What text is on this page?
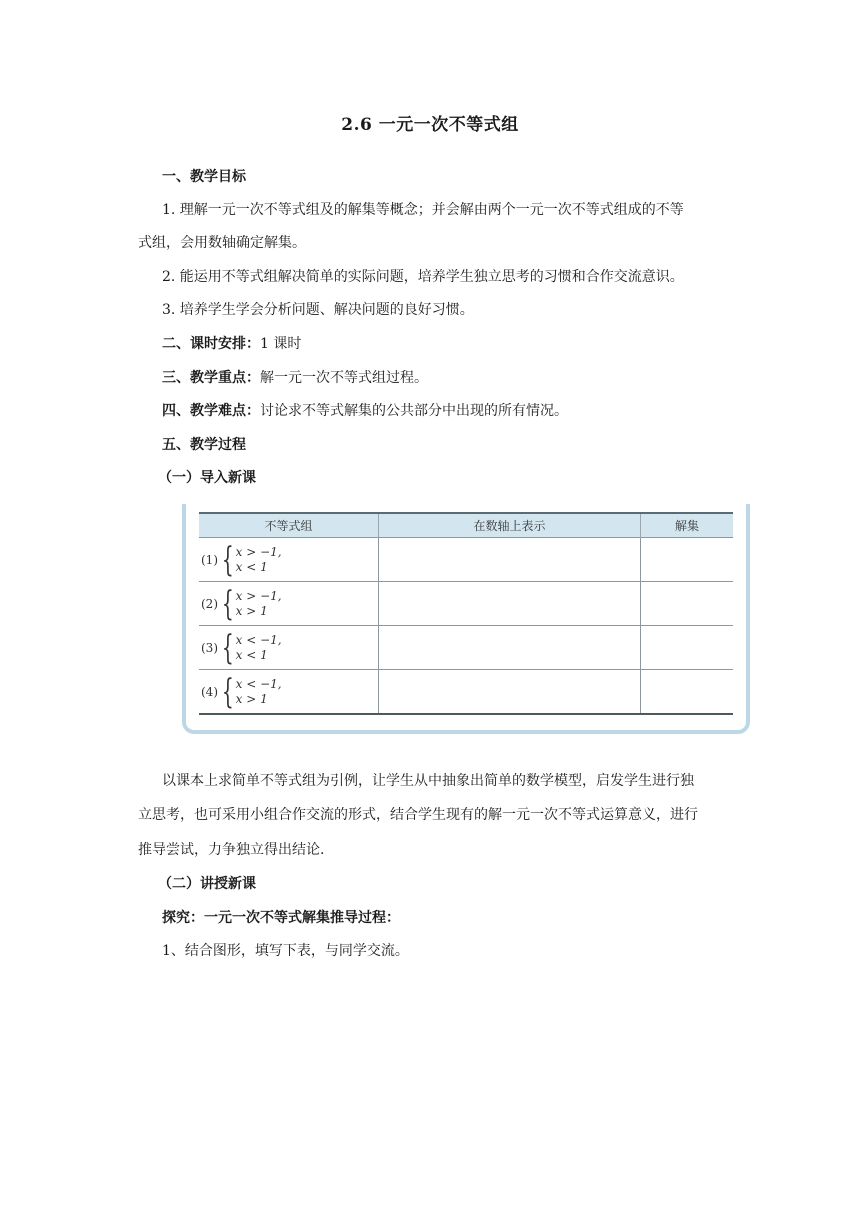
2.6 一元一次不等式组
一、教学目标
1. 理解一元一次不等式组及的解集等概念；并会解由两个一元一次不等式组成的不等
式组，会用数轴确定解集。
2. 能运用不等式组解决简单的实际问题，培养学生独立思考的习惯和合作交流意识。
3. 培养学生学会分析问题、解决问题的良好习惯。
二、课时安排：1 课时
三、教学重点：解一元一次不等式组过程。
四、教学难点：讨论求不等式解集的公共部分中出现的所有情况。
五、教学过程
（一）导入新课
不等式组	在数轴上表示	解集

(1) { x > −1,
x < 1		

(2) { x > −1,
x > 1		

(3) { x < −1,
x < 1		

(4) { x < −1,
x > 1		

以课本上求简单不等式组为引例，让学生从中抽象出简单的数学模型，启发学生进行独
立思考，也可采用小组合作交流的形式，结合学生现有的解一元一次不等式运算意义，进行
推导尝试，力争独立得出结论.
（二）讲授新课
探究：一元一次不等式解集推导过程：
1、结合图形，填写下表，与同学交流。
